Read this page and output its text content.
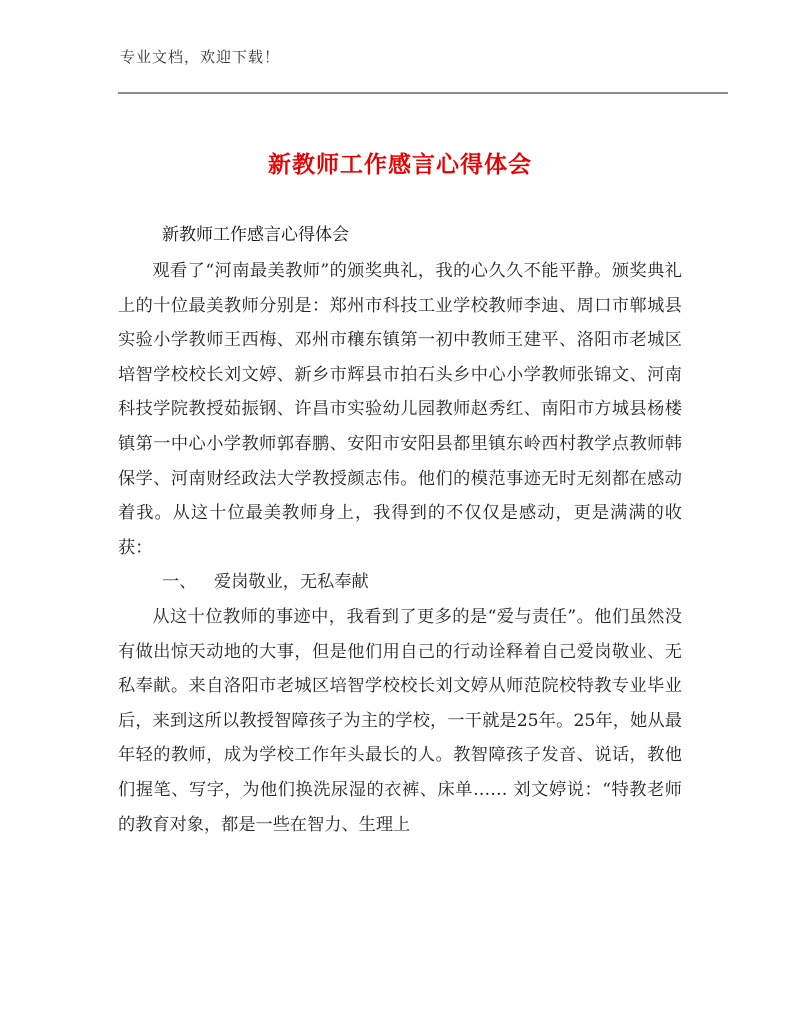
专业文档，欢迎下载！
新教师工作感言心得体会
新教师工作感言心得体会

观看了“河南最美教师”的颁奖典礼，我的心久久不能平静。颁奖典礼上的十位最美教师分别是：郑州市科技工业学校教师李迪、周口市郸城县实验小学教师王西梅、邓州市穰东镇第一初中教师王建平、洛阳市老城区培智学校校长刘文婷、新乡市辉县市拍石头乡中心小学教师张锦文、河南科技学院教授茹振钢、许昌市实验幼儿园教师赵秀红、南阳市方城县杨楼镇第一中心小学教师郭春鹏、安阳市安阳县都里镇东岭西村教学点教师韩保学、河南财经政法大学教授颜志伟。他们的模范事迹无时无刻都在感动着我。从这十位最美教师身上，我得到的不仅仅是感动，更是满满的收获：

一、 爱岗敬业，无私奉献

从这十位教师的事迹中，我看到了更多的是“爱与责任”。他们虽然没有做出惊天动地的大事，但是他们用自己的行动诠释着自己爱岗敬业、无私奉献。来自洛阳市老城区培智学校校长刘文婷从师范院校特教专业毕业后，来到这所以教授智障孩子为主的学校，一干就是25年。25年，她从最年轻的教师，成为学校工作年头最长的人。教智障孩子发音、说话，教他们握笔、写字，为他们换洗尿湿的衣裤、床单…… 刘文婷说：“特教老师的教育对象，都是一些在智力、生理上
